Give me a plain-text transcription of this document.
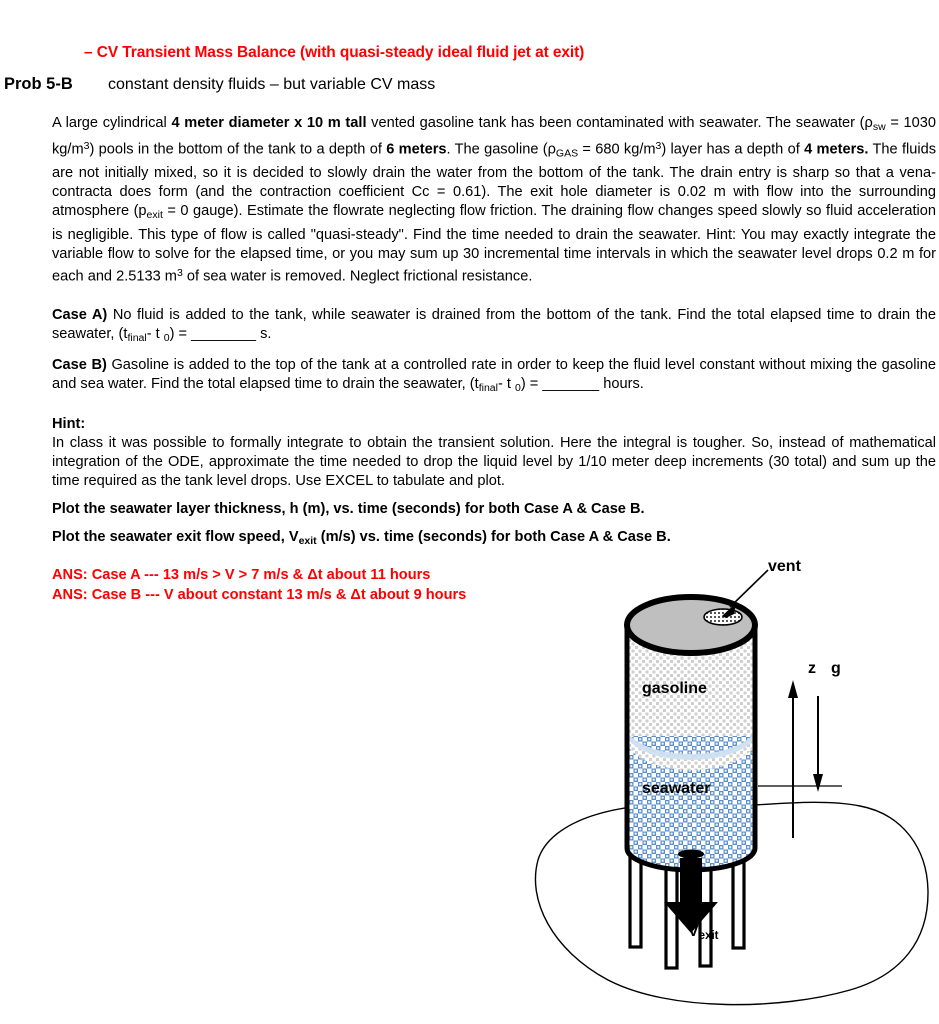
– CV Transient Mass Balance (with quasi-steady ideal fluid jet at exit)
Prob 5-B constant density fluids – but variable CV mass
A large cylindrical 4 meter diameter x 10 m tall vented gasoline tank has been contaminated with seawater. The seawater ($\rho_{sw} = 1030$ $kg/m^3$) pools in the bottom of the tank to a depth of 6 meters. The gasoline ($\rho_{GAS} = 680$ $kg/m^3$) layer has a depth of 4 meters. The fluids are not initially mixed, so it is decided to slowly drain the water from the bottom of the tank. The drain entry is sharp so that a vena-contracta does form (and the contraction coefficient Cc = 0.61). The exit hole diameter is 0.02 m with flow into the surrounding atmosphere ($p_{exit} = 0$ gauge). Estimate the flowrate neglecting flow friction. The draining flow changes speed slowly so fluid acceleration is negligible. This type of flow is called "quasi-steady". Find the time needed to drain the seawater. Hint: You may exactly integrate the variable flow to solve for the elapsed time, or you may sum up 30 incremental time intervals in which the seawater level drops 0.2 m for each and 2.5133 $m^3$ of sea water is removed. Neglect frictional resistance.
Case A) No fluid is added to the tank, while seawater is drained from the bottom of the tank. Find the total elapsed time to drain the seawater, ($t_{final}-$ t $_0$) = ________ s.
Case B) Gasoline is added to the top of the tank at a controlled rate in order to keep the fluid level constant without mixing the gasoline and sea water. Find the total elapsed time to drain the seawater, ($t_{final}-$ t $_0$) = _______ hours.
Hint:
In class it was possible to formally integrate to obtain the transient solution. Here the integral is tougher. So, instead of mathematical integration of the ODE, approximate the time needed to drop the liquid level by 1/10 meter deep increments (30 total) and sum up the time required as the tank level drops. Use EXCEL to tabulate and plot.
Plot the seawater layer thickness, h (m), vs. time (seconds) for both Case A & Case B.
Plot the seawater exit flow speed, $V_{exit}$ (m/s) vs. time (seconds) for both Case A & Case B.
ANS: Case A --- 13 m/s > V > 7 m/s & Δt about 11 hours
ANS: Case B --- V about constant 13 m/s & Δt about 9 hours
vent
gasoline
seawater
z g
$V_{exit}$
